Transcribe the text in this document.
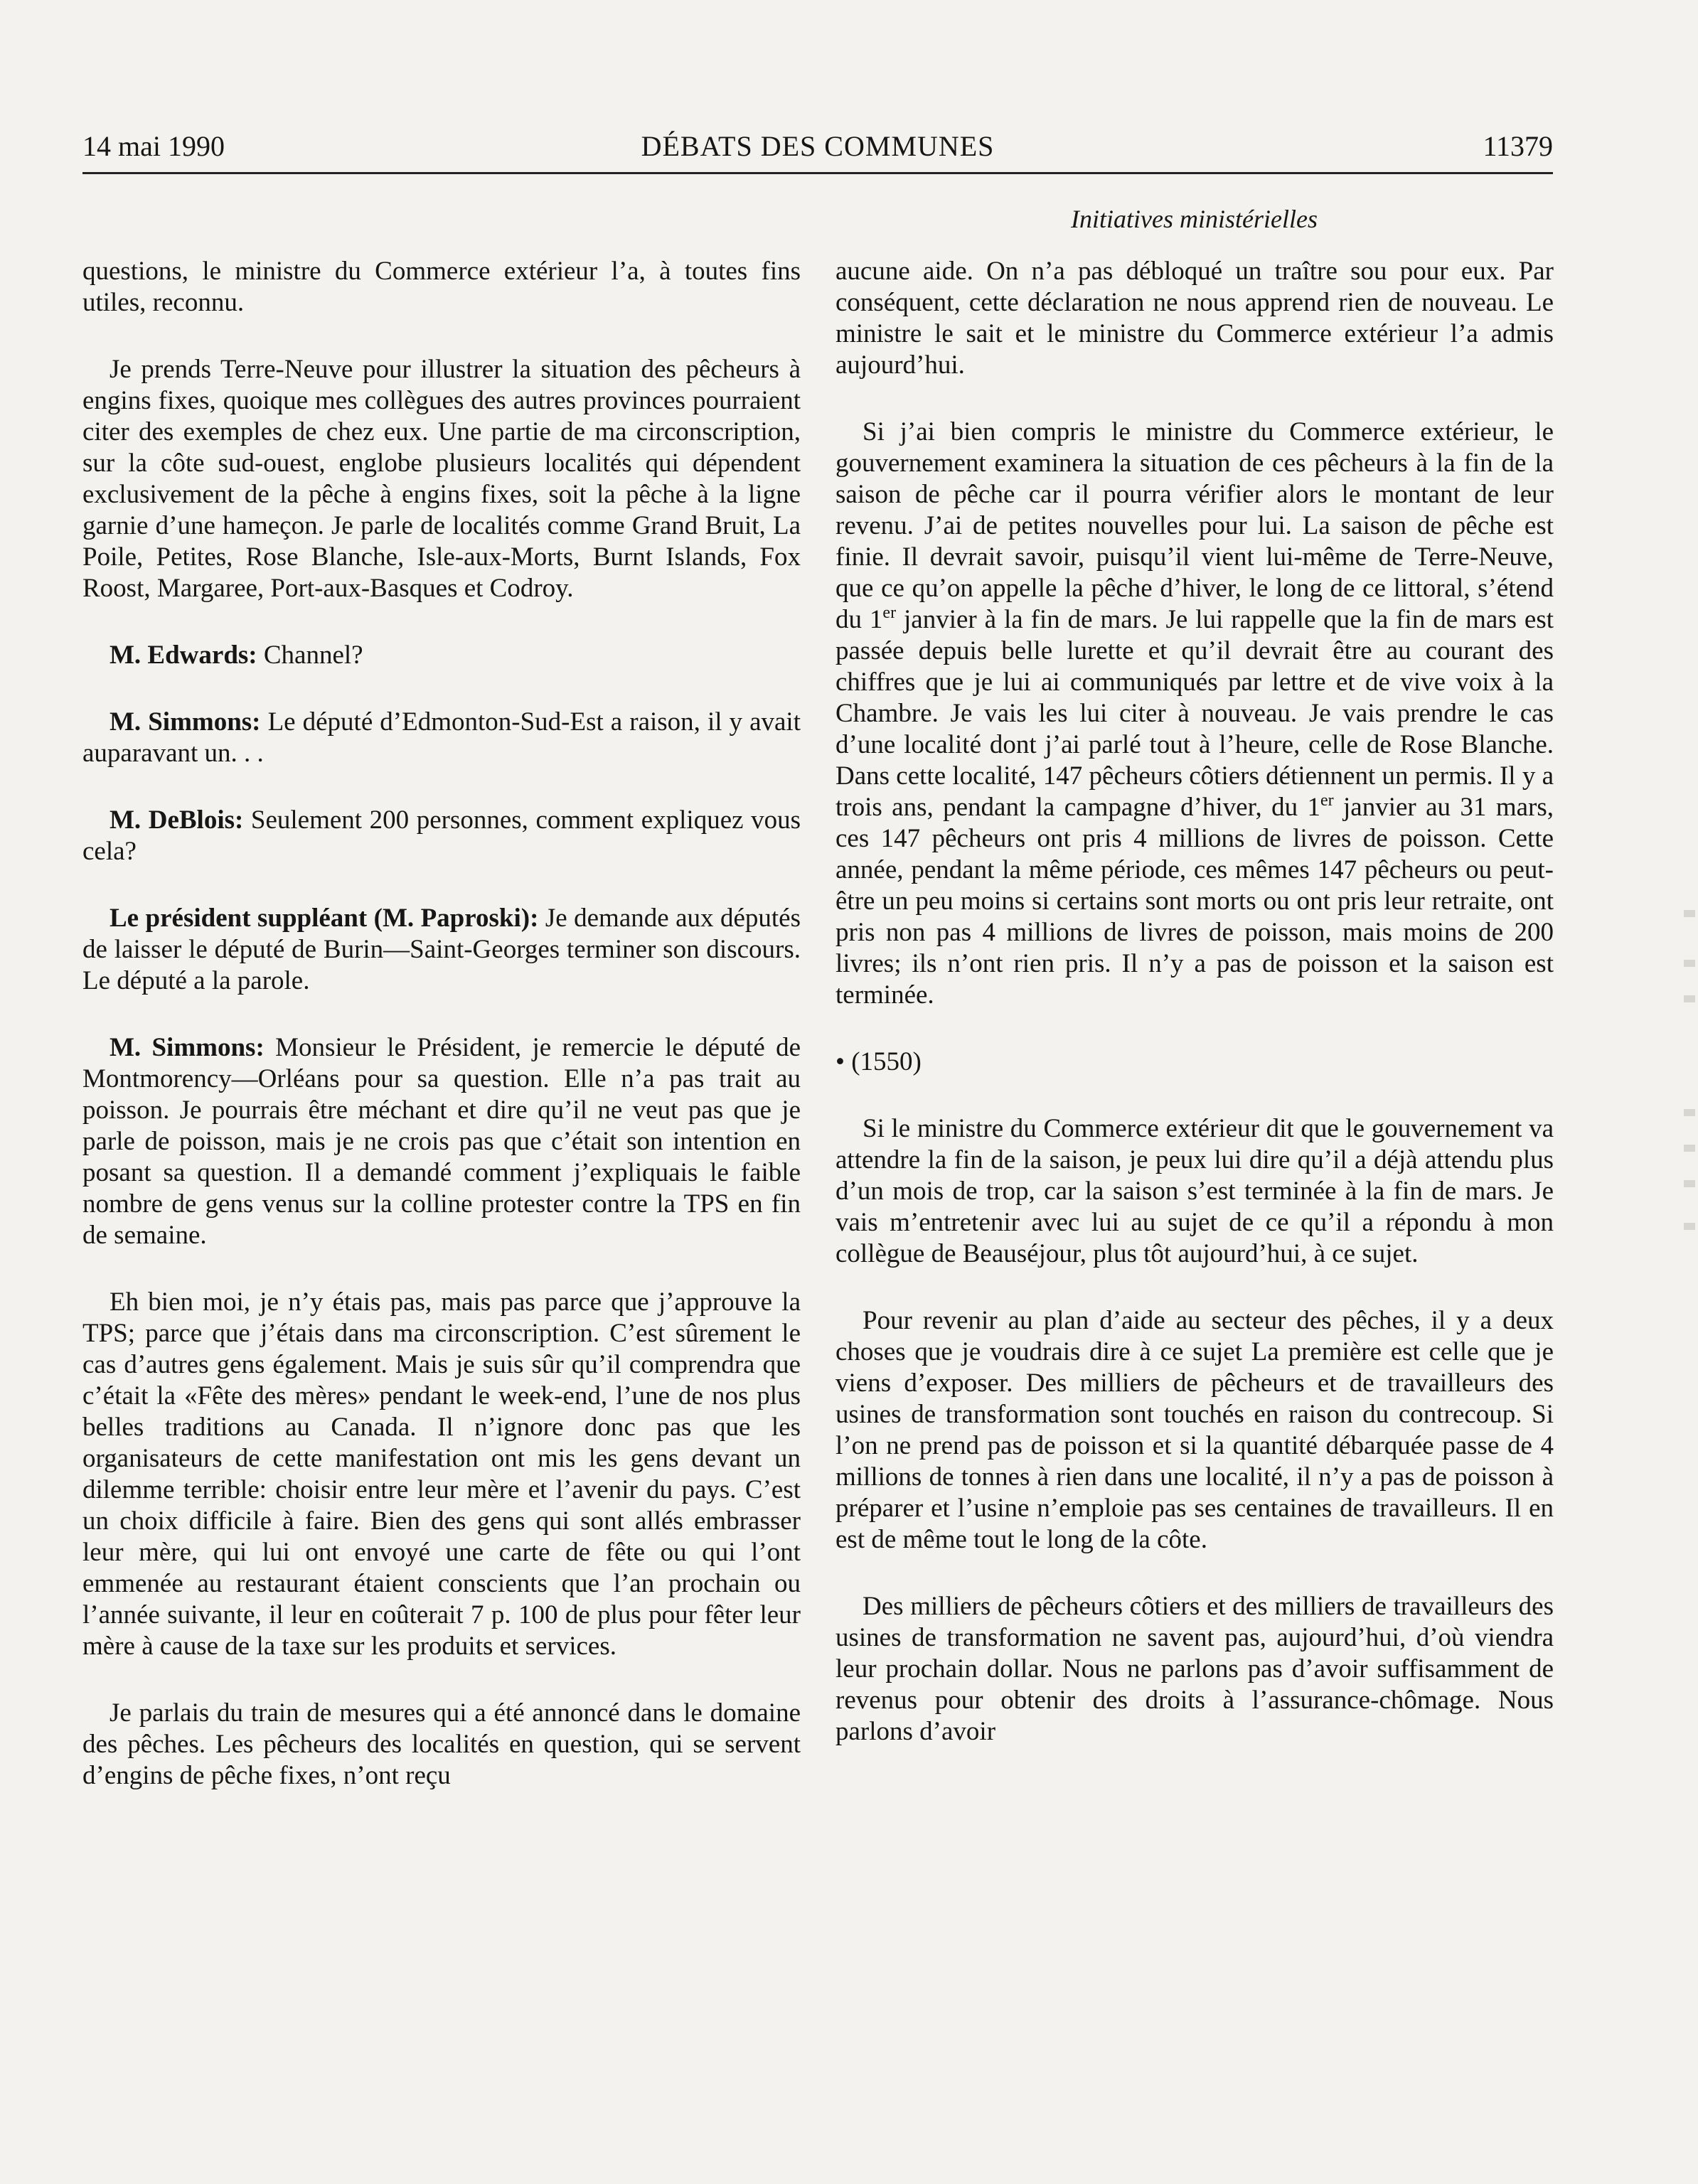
14 mai 1990	DÉBATS DES COMMUNES	11379
Initiatives ministérielles

questions, le ministre du Commerce extérieur l’a, à toutes fins utiles, reconnu.

Je prends Terre-Neuve pour illustrer la situation des pêcheurs à engins fixes, quoique mes collègues des autres provinces pourraient citer des exemples de chez eux. Une partie de ma circonscription, sur la côte sud-ouest, englobe plusieurs localités qui dépendent exclusivement de la pêche à engins fixes, soit la pêche à la ligne garnie d’une hameçon. Je parle de localités comme Grand Bruit, La Poile, Petites, Rose Blanche, Isle-aux-Morts, Burnt Islands, Fox Roost, Margaree, Port-aux-Basques et Codroy.

M. Edwards: Channel?

M. Simmons: Le député d’Edmonton-Sud-Est a raison, il y avait auparavant un. . .

M. DeBlois: Seulement 200 personnes, comment expliquez vous cela?

Le président suppléant (M. Paproski): Je demande aux députés de laisser le député de Burin—Saint-Georges terminer son discours. Le député a la parole.

M. Simmons: Monsieur le Président, je remercie le député de Montmorency—Orléans pour sa question. Elle n’a pas trait au poisson. Je pourrais être méchant et dire qu’il ne veut pas que je parle de poisson, mais je ne crois pas que c’était son intention en posant sa question. Il a demandé comment j’expliquais le faible nombre de gens venus sur la colline protester contre la TPS en fin de semaine.

Eh bien moi, je n’y étais pas, mais pas parce que j’approuve la TPS; parce que j’étais dans ma circonscription. C’est sûrement le cas d’autres gens également. Mais je suis sûr qu’il comprendra que c’était la «Fête des mères» pendant le week-end, l’une de nos plus belles traditions au Canada. Il n’ignore donc pas que les organisateurs de cette manifestation ont mis les gens devant un dilemme terrible: choisir entre leur mère et l’avenir du pays. C’est un choix difficile à faire. Bien des gens qui sont allés embrasser leur mère, qui lui ont envoyé une carte de fête ou qui l’ont emmenée au restaurant étaient conscients que l’an prochain ou l’année suivante, il leur en coûterait 7 p. 100 de plus pour fêter leur mère à cause de la taxe sur les produits et services.

Je parlais du train de mesures qui a été annoncé dans le domaine des pêches. Les pêcheurs des localités en question, qui se servent d’engins de pêche fixes, n’ont reçu

aucune aide. On n’a pas débloqué un traître sou pour eux. Par conséquent, cette déclaration ne nous apprend rien de nouveau. Le ministre le sait et le ministre du Commerce extérieur l’a admis aujourd’hui.

Si j’ai bien compris le ministre du Commerce extérieur, le gouvernement examinera la situation de ces pêcheurs à la fin de la saison de pêche car il pourra vérifier alors le montant de leur revenu. J’ai de petites nouvelles pour lui. La saison de pêche est finie. Il devrait savoir, puisqu’il vient lui-même de Terre-Neuve, que ce qu’on appelle la pêche d’hiver, le long de ce littoral, s’étend du 1er janvier à la fin de mars. Je lui rappelle que la fin de mars est passée depuis belle lurette et qu’il devrait être au courant des chiffres que je lui ai communiqués par lettre et de vive voix à la Chambre. Je vais les lui citer à nouveau. Je vais prendre le cas d’une localité dont j’ai parlé tout à l’heure, celle de Rose Blanche. Dans cette localité, 147 pêcheurs côtiers détiennent un permis. Il y a trois ans, pendant la campagne d’hiver, du 1er janvier au 31 mars, ces 147 pêcheurs ont pris 4 millions de livres de poisson. Cette année, pendant la même période, ces mêmes 147 pêcheurs ou peut-être un peu moins si certains sont morts ou ont pris leur retraite, ont pris non pas 4 millions de livres de poisson, mais moins de 200 livres; ils n’ont rien pris. Il n’y a pas de poisson et la saison est terminée.

• (1550)

Si le ministre du Commerce extérieur dit que le gouvernement va attendre la fin de la saison, je peux lui dire qu’il a déjà attendu plus d’un mois de trop, car la saison s’est terminée à la fin de mars. Je vais m’entretenir avec lui au sujet de ce qu’il a répondu à mon collègue de Beauséjour, plus tôt aujourd’hui, à ce sujet.

Pour revenir au plan d’aide au secteur des pêches, il y a deux choses que je voudrais dire à ce sujet La première est celle que je viens d’exposer. Des milliers de pêcheurs et de travailleurs des usines de transformation sont touchés en raison du contrecoup. Si l’on ne prend pas de poisson et si la quantité débarquée passe de 4 millions de tonnes à rien dans une localité, il n’y a pas de poisson à préparer et l’usine n’emploie pas ses centaines de travailleurs. Il en est de même tout le long de la côte.

Des milliers de pêcheurs côtiers et des milliers de travailleurs des usines de transformation ne savent pas, aujourd’hui, d’où viendra leur prochain dollar. Nous ne parlons pas d’avoir suffisamment de revenus pour obtenir des droits à l’assurance-chômage. Nous parlons d’avoir
